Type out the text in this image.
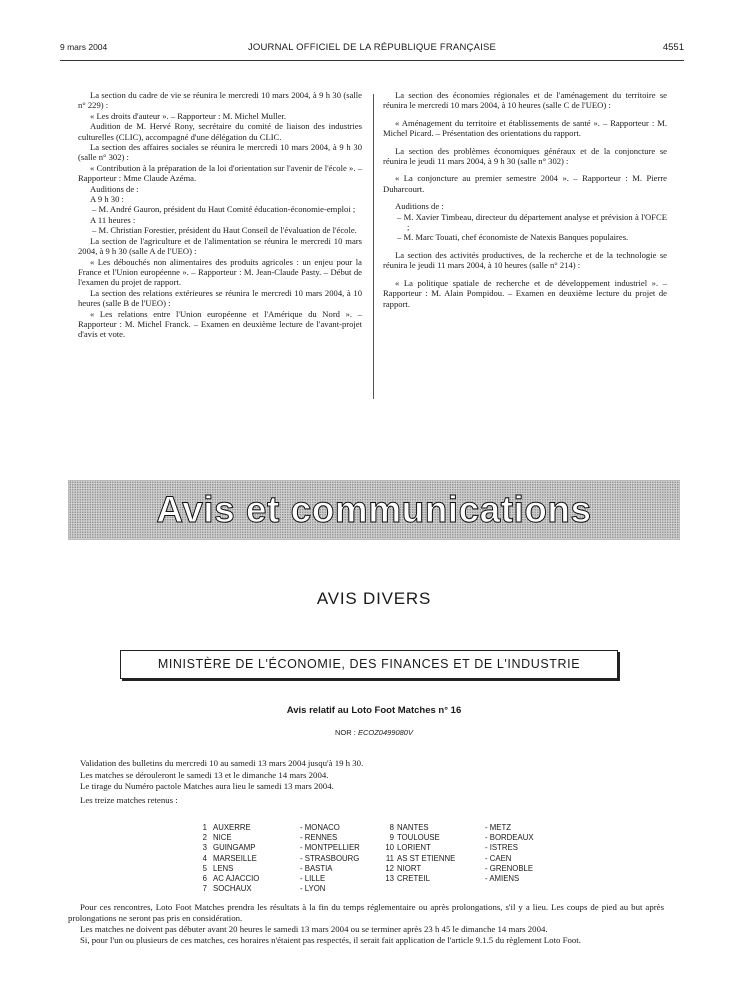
9 mars 2004	JOURNAL OFFICIEL DE LA RÉPUBLIQUE FRANÇAISE	4551

La section du cadre de vie se réunira le mercredi 10 mars 2004, à 9 h 30 (salle n° 229) :

« Les droits d'auteur ». – Rapporteur : M. Michel Muller.

Audition de M. Hervé Rony, secrétaire du comité de liaison des industries culturelles (CLIC), accompagné d'une délégation du CLIC.

La section des affaires sociales se réunira le mercredi 10 mars 2004, à 9 h 30 (salle n° 302) :

« Contribution à la préparation de la loi d'orientation sur l'avenir de l'école ». – Rapporteur : Mme Claude Azéma.

Auditions de :

A 9 h 30 :

– M. André Gauron, président du Haut Comité éducation-économie-emploi ;

A 11 heures :

– M. Christian Forestier, président du Haut Conseil de l'évaluation de l'école.

La section de l'agriculture et de l'alimentation se réunira le mercredi 10 mars 2004, à 9 h 30 (salle A de l'UEO) :

« Les débouchés non alimentaires des produits agricoles : un enjeu pour la France et l'Union européenne ». – Rapporteur : M. Jean-Claude Pasty. – Début de l'examen du projet de rapport.

La section des relations extérieures se réunira le mercredi 10 mars 2004, à 10 heures (salle B de l'UEO) :

« Les relations entre l'Union européenne et l'Amérique du Nord ». – Rapporteur : M. Michel Franck. – Examen en deuxième lecture de l'avant-projet d'avis et vote.

La section des économies régionales et de l'aménagement du territoire se réunira le mercredi 10 mars 2004, à 10 heures (salle C de l'UEO) :

« Aménagement du territoire et établissements de santé ». – Rapporteur : M. Michel Picard. – Présentation des orientations du rapport.

La section des problèmes économiques généraux et de la conjoncture se réunira le jeudi 11 mars 2004, à 9 h 30 (salle n° 302) :

« La conjoncture au premier semestre 2004 ». – Rapporteur : M. Pierre Duharcourt.

Auditions de :

– M. Xavier Timbeau, directeur du département analyse et prévision à l'OFCE ;

– M. Marc Touati, chef économiste de Natexis Banques populaires.

La section des activités productives, de la recherche et de la technologie se réunira le jeudi 11 mars 2004, à 10 heures (salle n° 214) :

« La politique spatiale de recherche et de développement industriel ». – Rapporteur : M. Alain Pompidou. – Examen en deuxième lecture du projet de rapport.

Avis et communications
AVIS DIVERS
MINISTÈRE DE L'ÉCONOMIE, DES FINANCES ET DE L'INDUSTRIE
Avis relatif au Loto Foot Matches n° 16
NOR : ECOZ0499080V

Validation des bulletins du mercredi 10 au samedi 13 mars 2004 jusqu'à 19 h 30.

Les matches se dérouleront le samedi 13 et le dimanche 14 mars 2004.

Le tirage du Numéro pactole Matches aura lieu le samedi 13 mars 2004.

Les treize matches retenus :

1 AUXERRE	- MONACO	8 NANTES	- METZ
2 NICE	- RENNES	9 TOULOUSE	- BORDEAUX
3 GUINGAMP	- MONTPELLIER	10 LORIENT	- ISTRES
4 MARSEILLE	- STRASBOURG	11 AS ST ETIENNE	- CAEN
5 LENS	- BASTIA	12 NIORT	- GRENOBLE
6 AC AJACCIO	- LILLE	13 CRETEIL	- AMIENS
7 SOCHAUX	- LYON

Pour ces rencontres, Loto Foot Matches prendra les résultats à la fin du temps réglementaire ou après prolongations, s'il y a lieu. Les coups de pied au but après prolongations ne seront pas pris en considération.

Les matches ne doivent pas débuter avant 20 heures le samedi 13 mars 2004 ou se terminer après 23 h 45 le dimanche 14 mars 2004.

Si, pour l'un ou plusieurs de ces matches, ces horaires n'étaient pas respectés, il serait fait application de l'article 9.1.5 du règlement Loto Foot.
